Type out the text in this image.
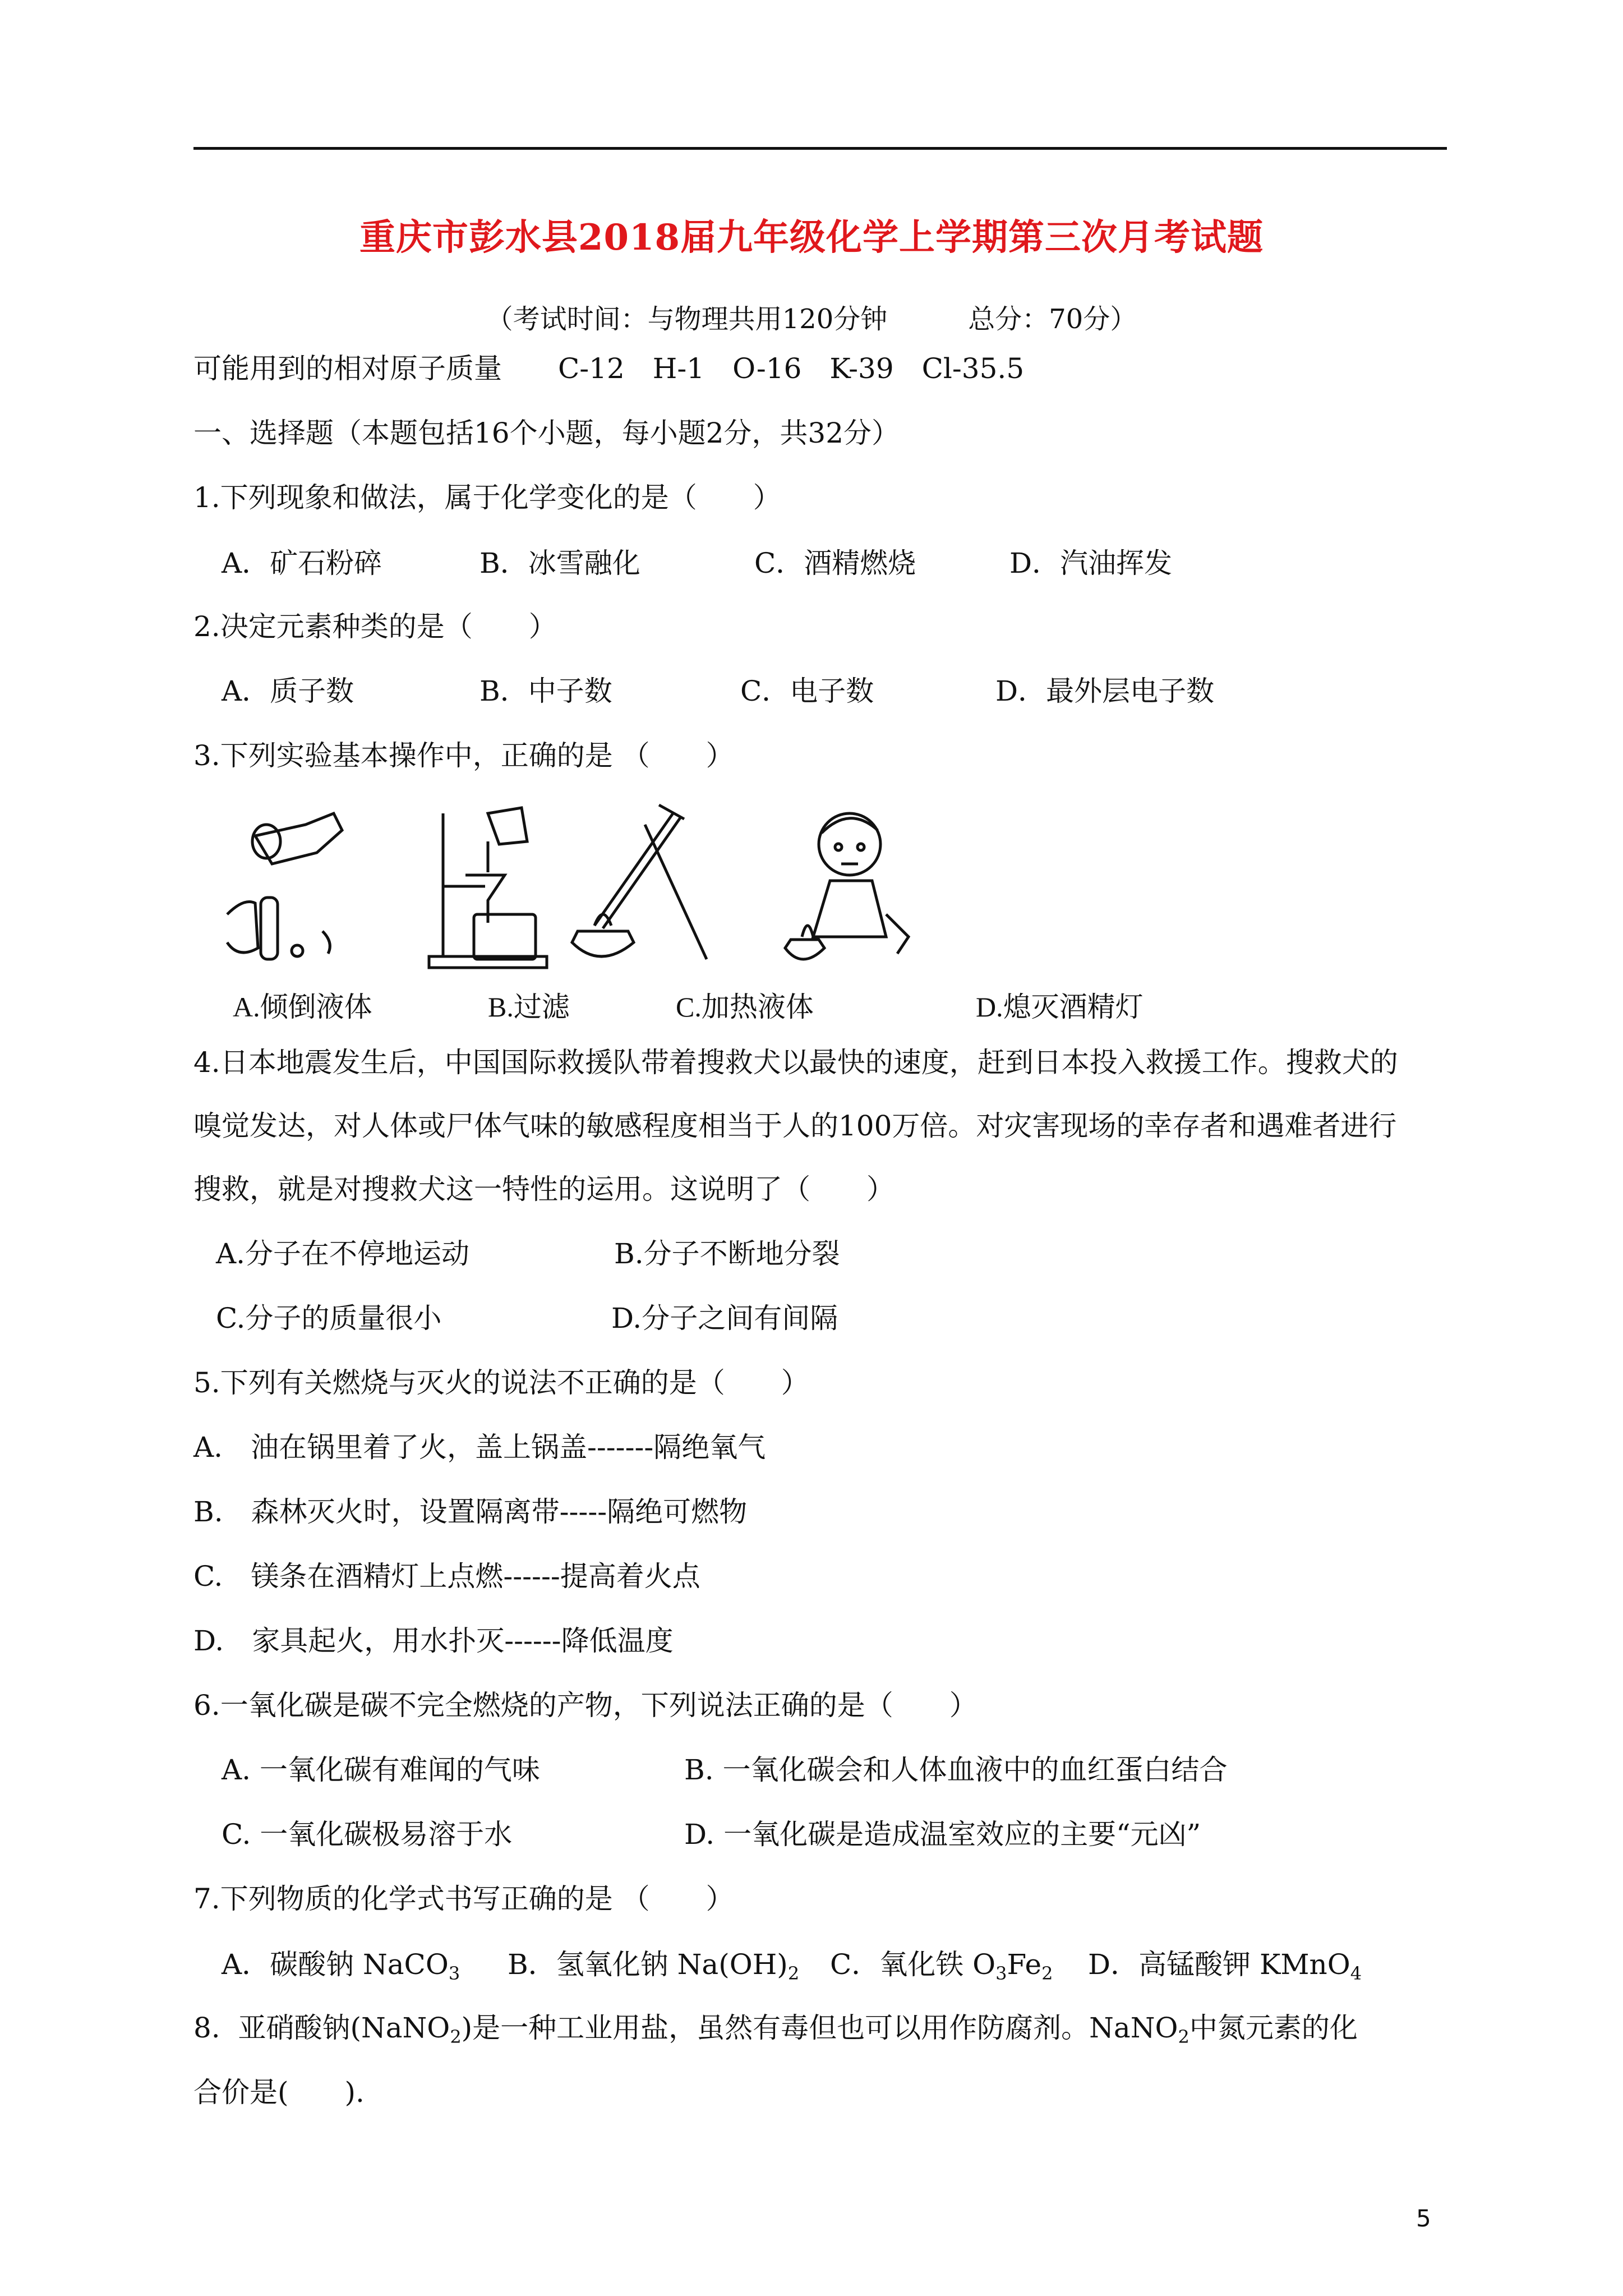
重庆市彭水县2018届九年级化学上学期第三次月考试题
（考试时间：与物理共用120分钟　　　总分：70分）
可能用到的相对原子质量　　C-12　H-1　O-16　K-39　Cl-35.5
一、选择题（本题包括16个小题，每小题2分，共32分）
1.下列现象和做法，属于化学变化的是（　　）
A．矿石粉碎	B．冰雪融化	C．酒精燃烧	D．汽油挥发
2.决定元素种类的是（　　）
A．质子数	B．中子数	C．电子数	D．最外层电子数
3.下列实验基本操作中，正确的是 （　　）
A.倾倒液体	B.过滤	C.加热液体	D.熄灭酒精灯
4.日本地震发生后，中国国际救援队带着搜救犬以最快的速度，赶到日本投入救援工作。搜救犬的
嗅觉发达，对人体或尸体气味的敏感程度相当于人的100万倍。对灾害现场的幸存者和遇难者进行
搜救，就是对搜救犬这一特性的运用。这说明了（　　）
A.分子在不停地运动	B.分子不断地分裂
C.分子的质量很小	D.分子之间有间隔
5.下列有关燃烧与灭火的说法不正确的是（　　）
A.　油在锅里着了火，盖上锅盖-------隔绝氧气
B.　森林灭火时，设置隔离带-----隔绝可燃物
C.　镁条在酒精灯上点燃------提高着火点
D.　家具起火，用水扑灭------降低温度
6.一氧化碳是碳不完全燃烧的产物，下列说法正确的是（　　）
A. 一氧化碳有难闻的气味	B. 一氧化碳会和人体血液中的血红蛋白结合
C. 一氧化碳极易溶于水	D. 一氧化碳是造成温室效应的主要“元凶”
7.下列物质的化学式书写正确的是 （　　）
A．碳酸钠 NaCO$_3$ B．氢氧化钠 $Na(OH)_2$ C．氧化铁 $O_3Fe_2$ D．高锰酸钾 KMnO$_4$
8.  亚硝酸钠(NaNO$_2$)是一种工业用盐，虽然有毒但也可以用作防腐剂。NaNO$_2$中氮元素的化
合价是(　　).
5
